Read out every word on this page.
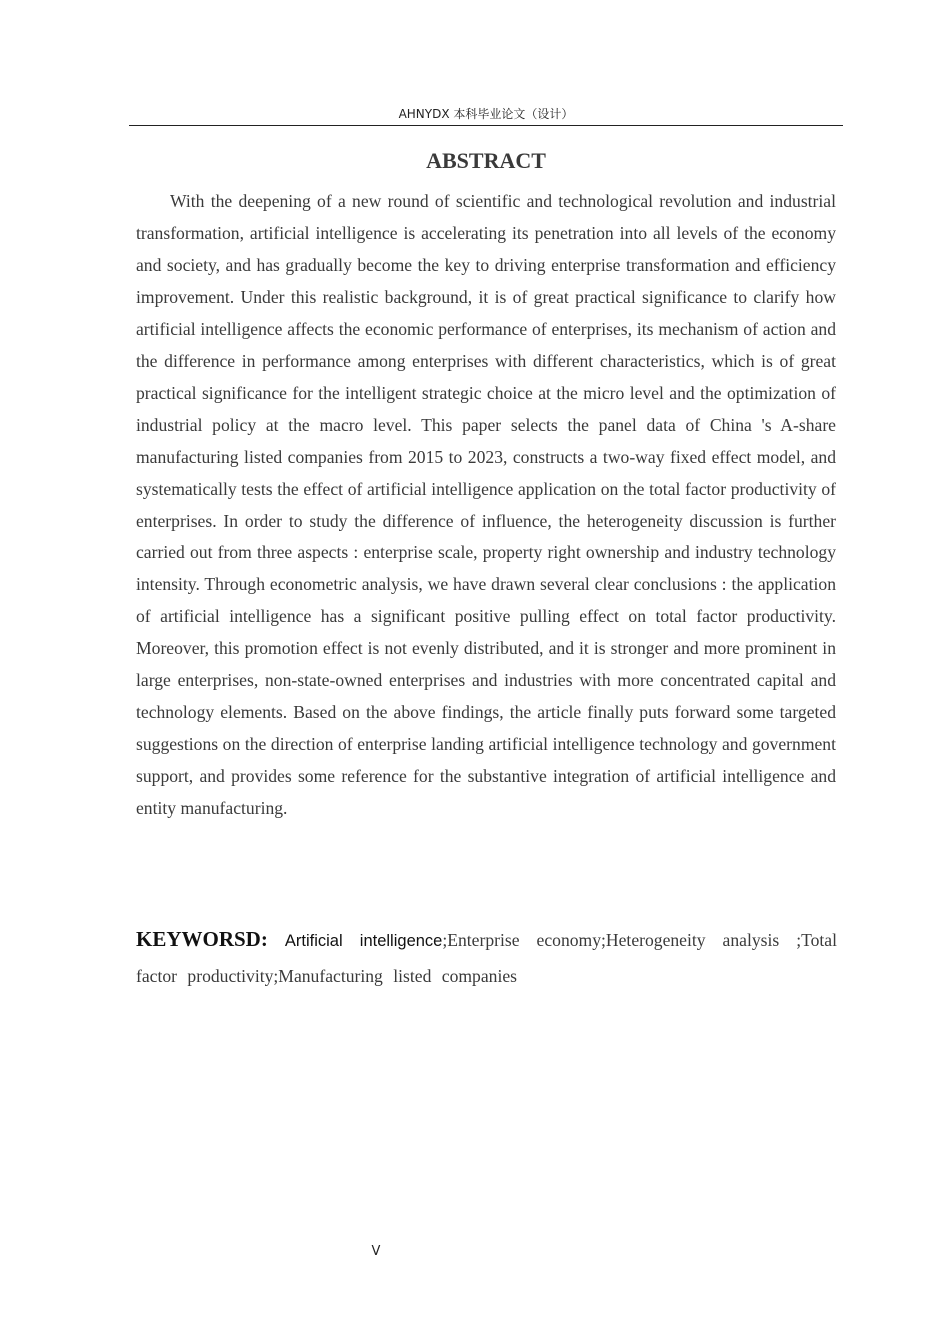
AHNYDX 本科毕业论文（设计）
ABSTRACT

With the deepening of a new round of scientific and technological revolution and industrial transformation, artificial intelligence is accelerating its penetration into all levels of the economy and society, and has gradually become the key to driving enterprise transformation and efficiency improvement. Under this realistic background, it is of great practical significance to clarify how artificial intelligence affects the economic performance of enterprises, its mechanism of action and the difference in performance among enterprises with different characteristics, which is of great practical significance for the intelligent strategic choice at the micro level and the optimization of industrial policy at the macro level. This paper selects the panel data of China 's A-share manufacturing listed companies from 2015 to 2023, constructs a two-way fixed effect model, and systematically tests the effect of artificial intelligence application on the total factor productivity of enterprises. In order to study the difference of influence, the heterogeneity discussion is further carried out from three aspects : enterprise scale, property right ownership and industry technology intensity. Through econometric analysis, we have drawn several clear conclusions : the application of artificial intelligence has a significant positive pulling effect on total factor productivity. Moreover, this promotion effect is not evenly distributed, and it is stronger and more prominent in large enterprises, non-state-owned enterprises and industries with more concentrated capital and technology elements. Based on the above findings, the article finally puts forward some targeted suggestions on the direction of enterprise landing artificial intelligence technology and government support, and provides some reference for the substantive integration of artificial intelligence and entity manufacturing.

KEYWORSD: Artificial intelligence;Enterprise economy;Heterogeneity analysis ;Total factor productivity;Manufacturing listed companies

V
